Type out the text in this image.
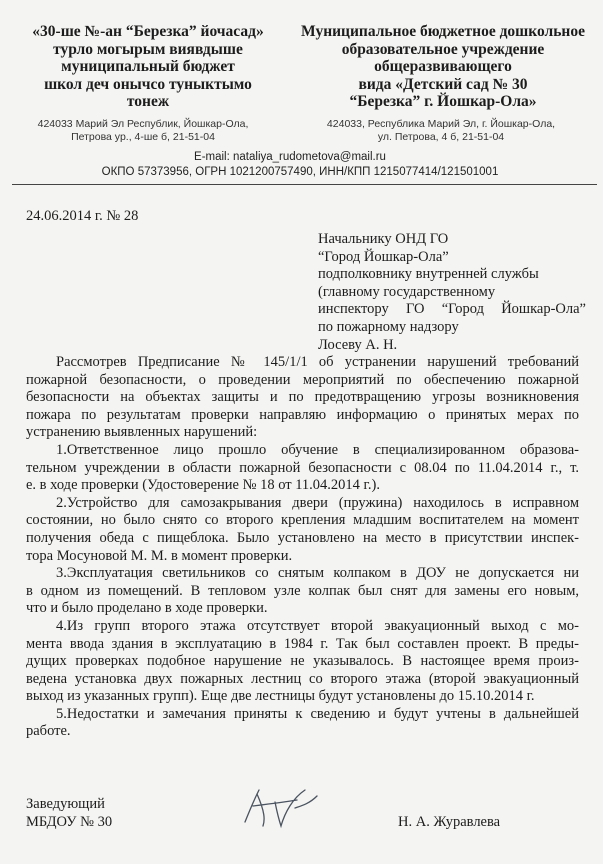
«30-ше №-ан “Березка” йочасад»
турло могырым виявдыше
муниципальный бюджет
школ деч онычсо туныктымо
тонеж
424033 Марий Эл Республик, Йошкар-Ола,
Петрова ур., 4-ше б, 21-51-04
Муниципальное бюджетное дошкольное
образовательное учреждение
общеразвивающего
вида «Детский сад № 30
“Березка” г. Йошкар-Ола»
424033, Республика Марий Эл, г. Йошкар-Ола,
ул. Петрова, 4 б, 21-51-04
E-mail: nataliya_rudometova@mail.ru
ОКПО 57373956, ОГРН 1021200757490, ИНН/КПП 1215077414/121501001
24.06.2014 г. № 28
Начальнику ОНД ГО
“Город Йошкар-Ола”
подполковнику внутренней службы
(главному государственному
инспектору ГО “Город Йошкар-Ола”
по пожарному надзору
Лосеву А. Н.
Рассмотрев Предписание № 145/1/1 об устранении нарушений требований
пожарной безопасности, о проведении мероприятий по обеспечению пожарной
безопасности на объектах защиты и по предотвращению угрозы возникновения
пожара по результатам проверки направляю информацию о принятых мерах по
устранению выявленных нарушений:
1.Ответственное лицо прошло обучение в специализированном образова-
тельном учреждении в области пожарной безопасности с 08.04 по 11.04.2014 г., т.
е. в ходе проверки (Удостоверение № 18 от 11.04.2014 г.).
2.Устройство для самозакрывания двери (пружина) находилось в исправном
состоянии, но было снято со второго крепления младшим воспитателем на момент
получения обеда с пищеблока. Было установлено на место в присутствии инспек-
тора Мосуновой М. М. в момент проверки.
3.Эксплуатация светильников со снятым колпаком в ДОУ не допускается ни
в одном из помещений. В тепловом узле колпак был снят для замены его новым,
что и было проделано в ходе проверки.
4.Из групп второго этажа отсутствует второй эвакуационный выход с мо-
мента ввода здания в эксплуатацию в 1984 г. Так был составлен проект. В преды-
дущих проверках подобное нарушение не указывалось. В настоящее время произ-
ведена установка двух пожарных лестниц со второго этажа (второй эвакуационный
выход из указанных групп). Еще две лестницы будут установлены до 15.10.2014 г.
5.Недостатки и замечания приняты к сведению и будут учтены в дальнейшей
работе.
Заведующий
МБДОУ № 30	Н. А. Журавлева
